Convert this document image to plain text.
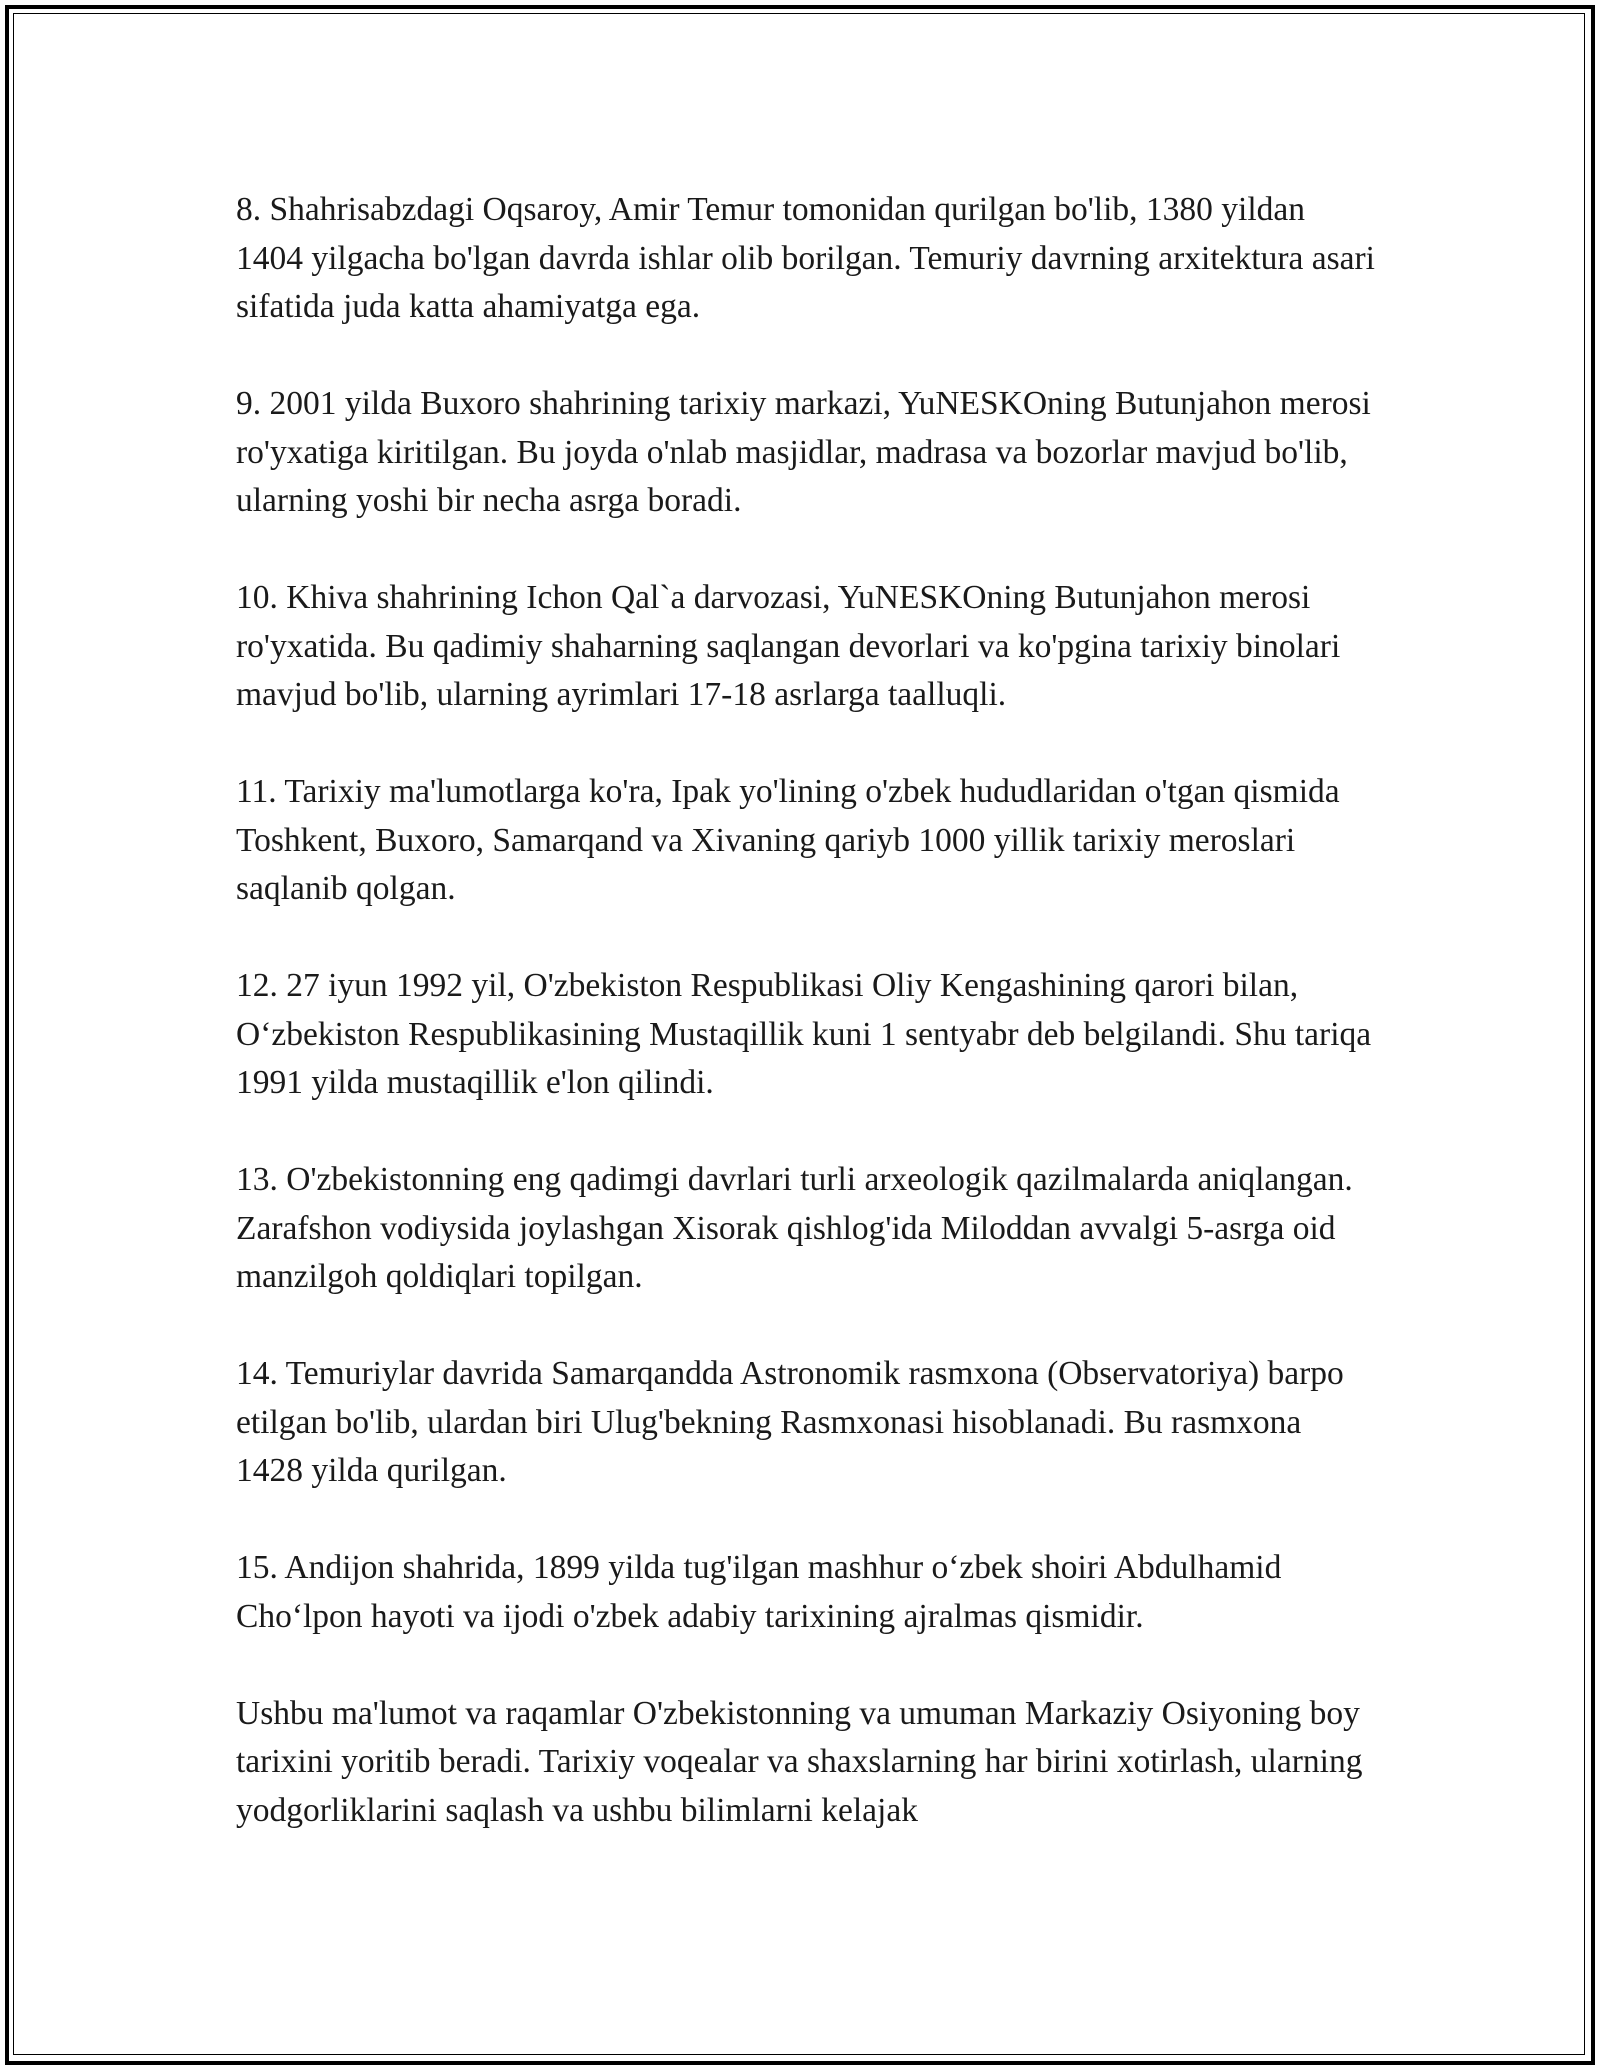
8. Shahrisabzdagi Oqsaroy, Amir Temur tomonidan qurilgan bo'lib, 1380 yildan 1404 yilgacha bo'lgan davrda ishlar olib borilgan. Temuriy davrning arxitektura asari sifatida juda katta ahamiyatga ega.

9. 2001 yilda Buxoro shahrining tarixiy markazi, YuNESKOning Butunjahon merosi ro'yxatiga kiritilgan. Bu joyda o'nlab masjidlar, madrasa va bozorlar mavjud bo'lib, ularning yoshi bir necha asrga boradi.

10. Khiva shahrining Ichon Qal`a darvozasi, YuNESKOning Butunjahon merosi ro'yxatida. Bu qadimiy shaharning saqlangan devorlari va ko'pgina tarixiy binolari mavjud bo'lib, ularning ayrimlari 17-18 asrlarga taalluqli.

11. Tarixiy ma'lumotlarga ko'ra, Ipak yo'lining o'zbek hududlaridan o'tgan qismida Toshkent, Buxoro, Samarqand va Xivaning qariyb 1000 yillik tarixiy meroslari saqlanib qolgan.

12. 27 iyun 1992 yil, O'zbekiston Respublikasi Oliy Kengashining qarori bilan, O‘zbekiston Respublikasining Mustaqillik kuni 1 sentyabr deb belgilandi. Shu tariqa 1991 yilda mustaqillik e'lon qilindi.

13. O'zbekistonning eng qadimgi davrlari turli arxeologik qazilmalarda aniqlangan. Zarafshon vodiysida joylashgan Xisorak qishlog'ida Miloddan avvalgi 5-asrga oid manzilgoh qoldiqlari topilgan.

14. Temuriylar davrida Samarqandda Astronomik rasmxona (Observatoriya) barpo etilgan bo'lib, ulardan biri Ulug'bekning Rasmxonasi hisoblanadi. Bu rasmxona 1428 yilda qurilgan.

15. Andijon shahrida, 1899 yilda tug'ilgan mashhur o‘zbek shoiri Abdulhamid Cho‘lpon hayoti va ijodi o'zbek adabiy tarixining ajralmas qismidir.

Ushbu ma'lumot va raqamlar O'zbekistonning va umuman Markaziy Osiyoning boy tarixini yoritib beradi. Tarixiy voqealar va shaxslarning har birini xotirlash, ularning yodgorliklarini saqlash va ushbu bilimlarni kelajak
